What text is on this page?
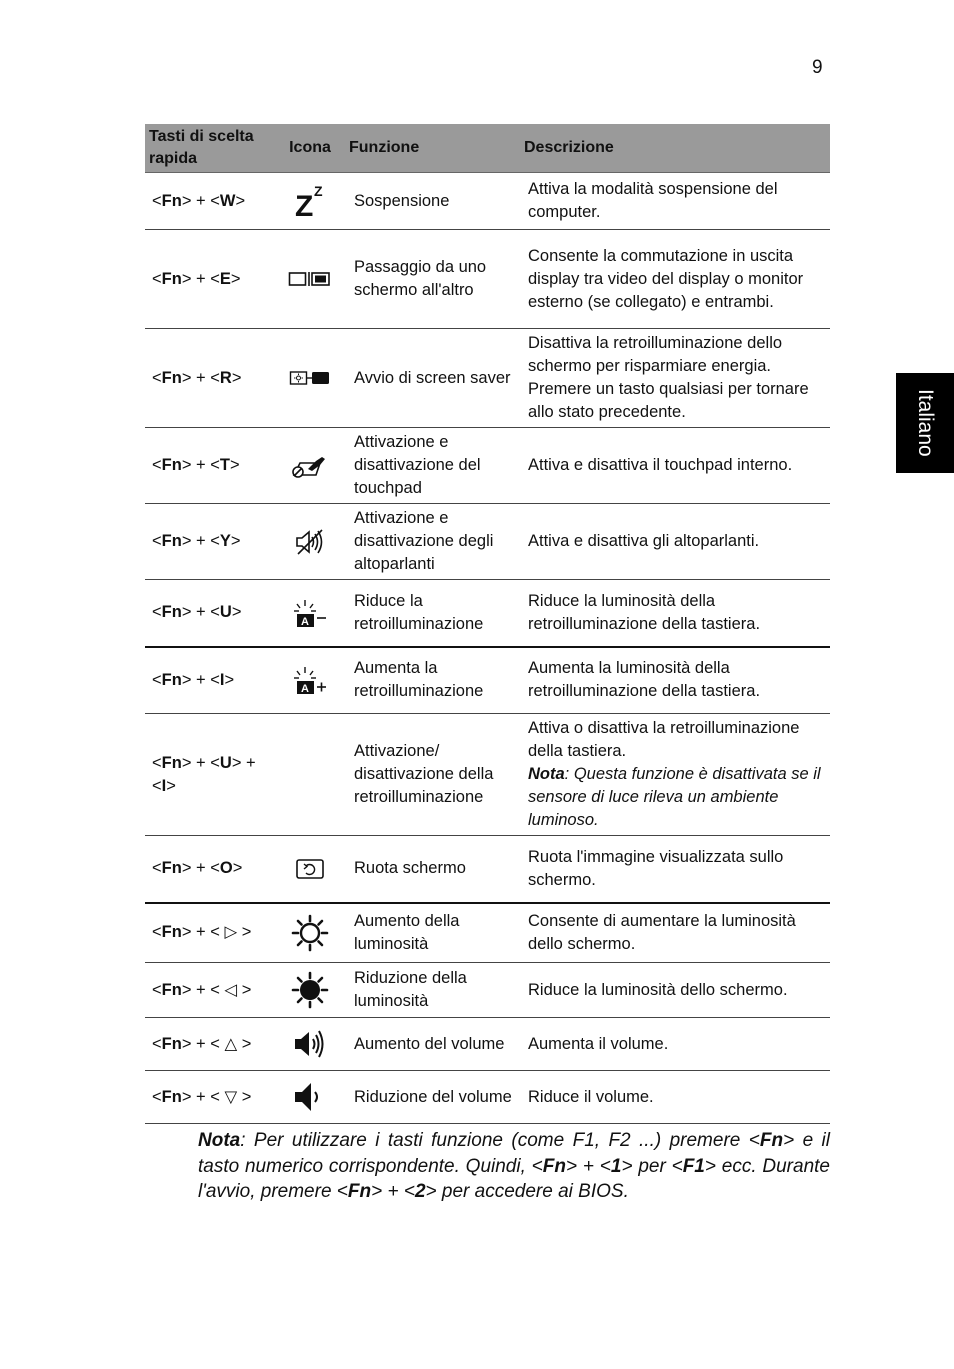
9
Italiano
Tasti di scelta rapida	Icona	Funzione	Descrizione
<Fn> + <W>	Z Z	Sospensione	Attiva la modalità sospensione del computer.
<Fn> + <E>		Passaggio da uno schermo all'altro	Consente la commutazione in uscita display tra video del display o monitor esterno (se collegato) e entrambi.
<Fn> + <R>		Avvio di screen saver	Disattiva la retroilluminazione dello schermo per risparmiare energia. Premere un tasto qualsiasi per tornare allo stato precedente.
<Fn> + <T>		Attivazione e disattivazione del touchpad	Attiva e disattiva il touchpad interno.
<Fn> + <Y>		Attivazione e disattivazione degli altoparlanti	Attiva e disattiva gli altoparlanti.
<Fn> + <U>	A	Riduce la retroilluminazione	Riduce la luminosità della retroilluminazione della tastiera.
<Fn> + <I>	A	Aumenta la retroilluminazione	Aumenta la luminosità della retroilluminazione della tastiera.
<Fn> + <U> + <I>		Attivazione/ disattivazione della retroilluminazione	Attiva o disattiva la retroilluminazione della tastiera.
Nota: Questa funzione è disattivata se il sensore di luce rileva un ambiente luminoso.
<Fn> + <O>		Ruota schermo	Ruota l'immagine visualizzata sullo schermo.
<Fn> + < ▷ >		Aumento della luminosità	Consente di aumentare la luminosità dello schermo.
<Fn> + < ◁ >		Riduzione della luminosità	Riduce la luminosità dello schermo.
<Fn> + < △ >		Aumento del volume	Aumenta il volume.
<Fn> + < ▽ >		Riduzione del volume	Riduce il volume.
Nota: Per utilizzare i tasti funzione (come F1, F2 ...) premere <Fn> e il tasto numerico corrispondente. Quindi, <Fn> + <1> per <F1> ecc. Durante l'avvio, premere <Fn> + <2> per accedere ai BIOS.
